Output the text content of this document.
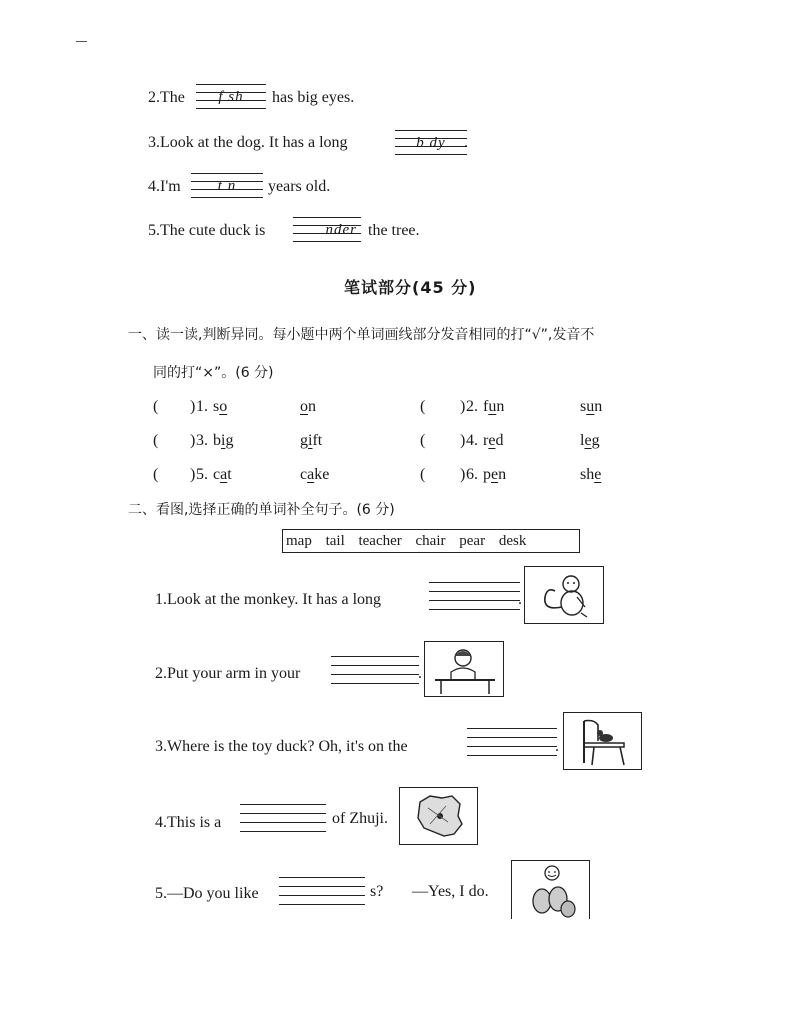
2.The	f sh	has big eyes.
3.Look at the dog. It has a long	b dy	.
4.I'm	t n	years old.
5.The cute duck is	nder the tree.
笔试部分(45 分)
一、读一读,判断异同。每小题中两个单词画线部分发音相同的打“√”,发音不
同的打“×”。(6 分)
( ) 1. so	on	( ) 2. fun	sun
( ) 3. big	gift	( ) 4. red	leg
( ) 5. cat	cake	( ) 6. pen	she
二、看图,选择正确的单词补全句子。(6 分)
map tail teacher chair pear desk
1.Look at the monkey. It has a long	.
2.Put your arm in your	.
3.Where is the toy duck? Oh, it's on the	.
4.This is a	of Zhuji.
5.—Do you like	s? —Yes, I do.
